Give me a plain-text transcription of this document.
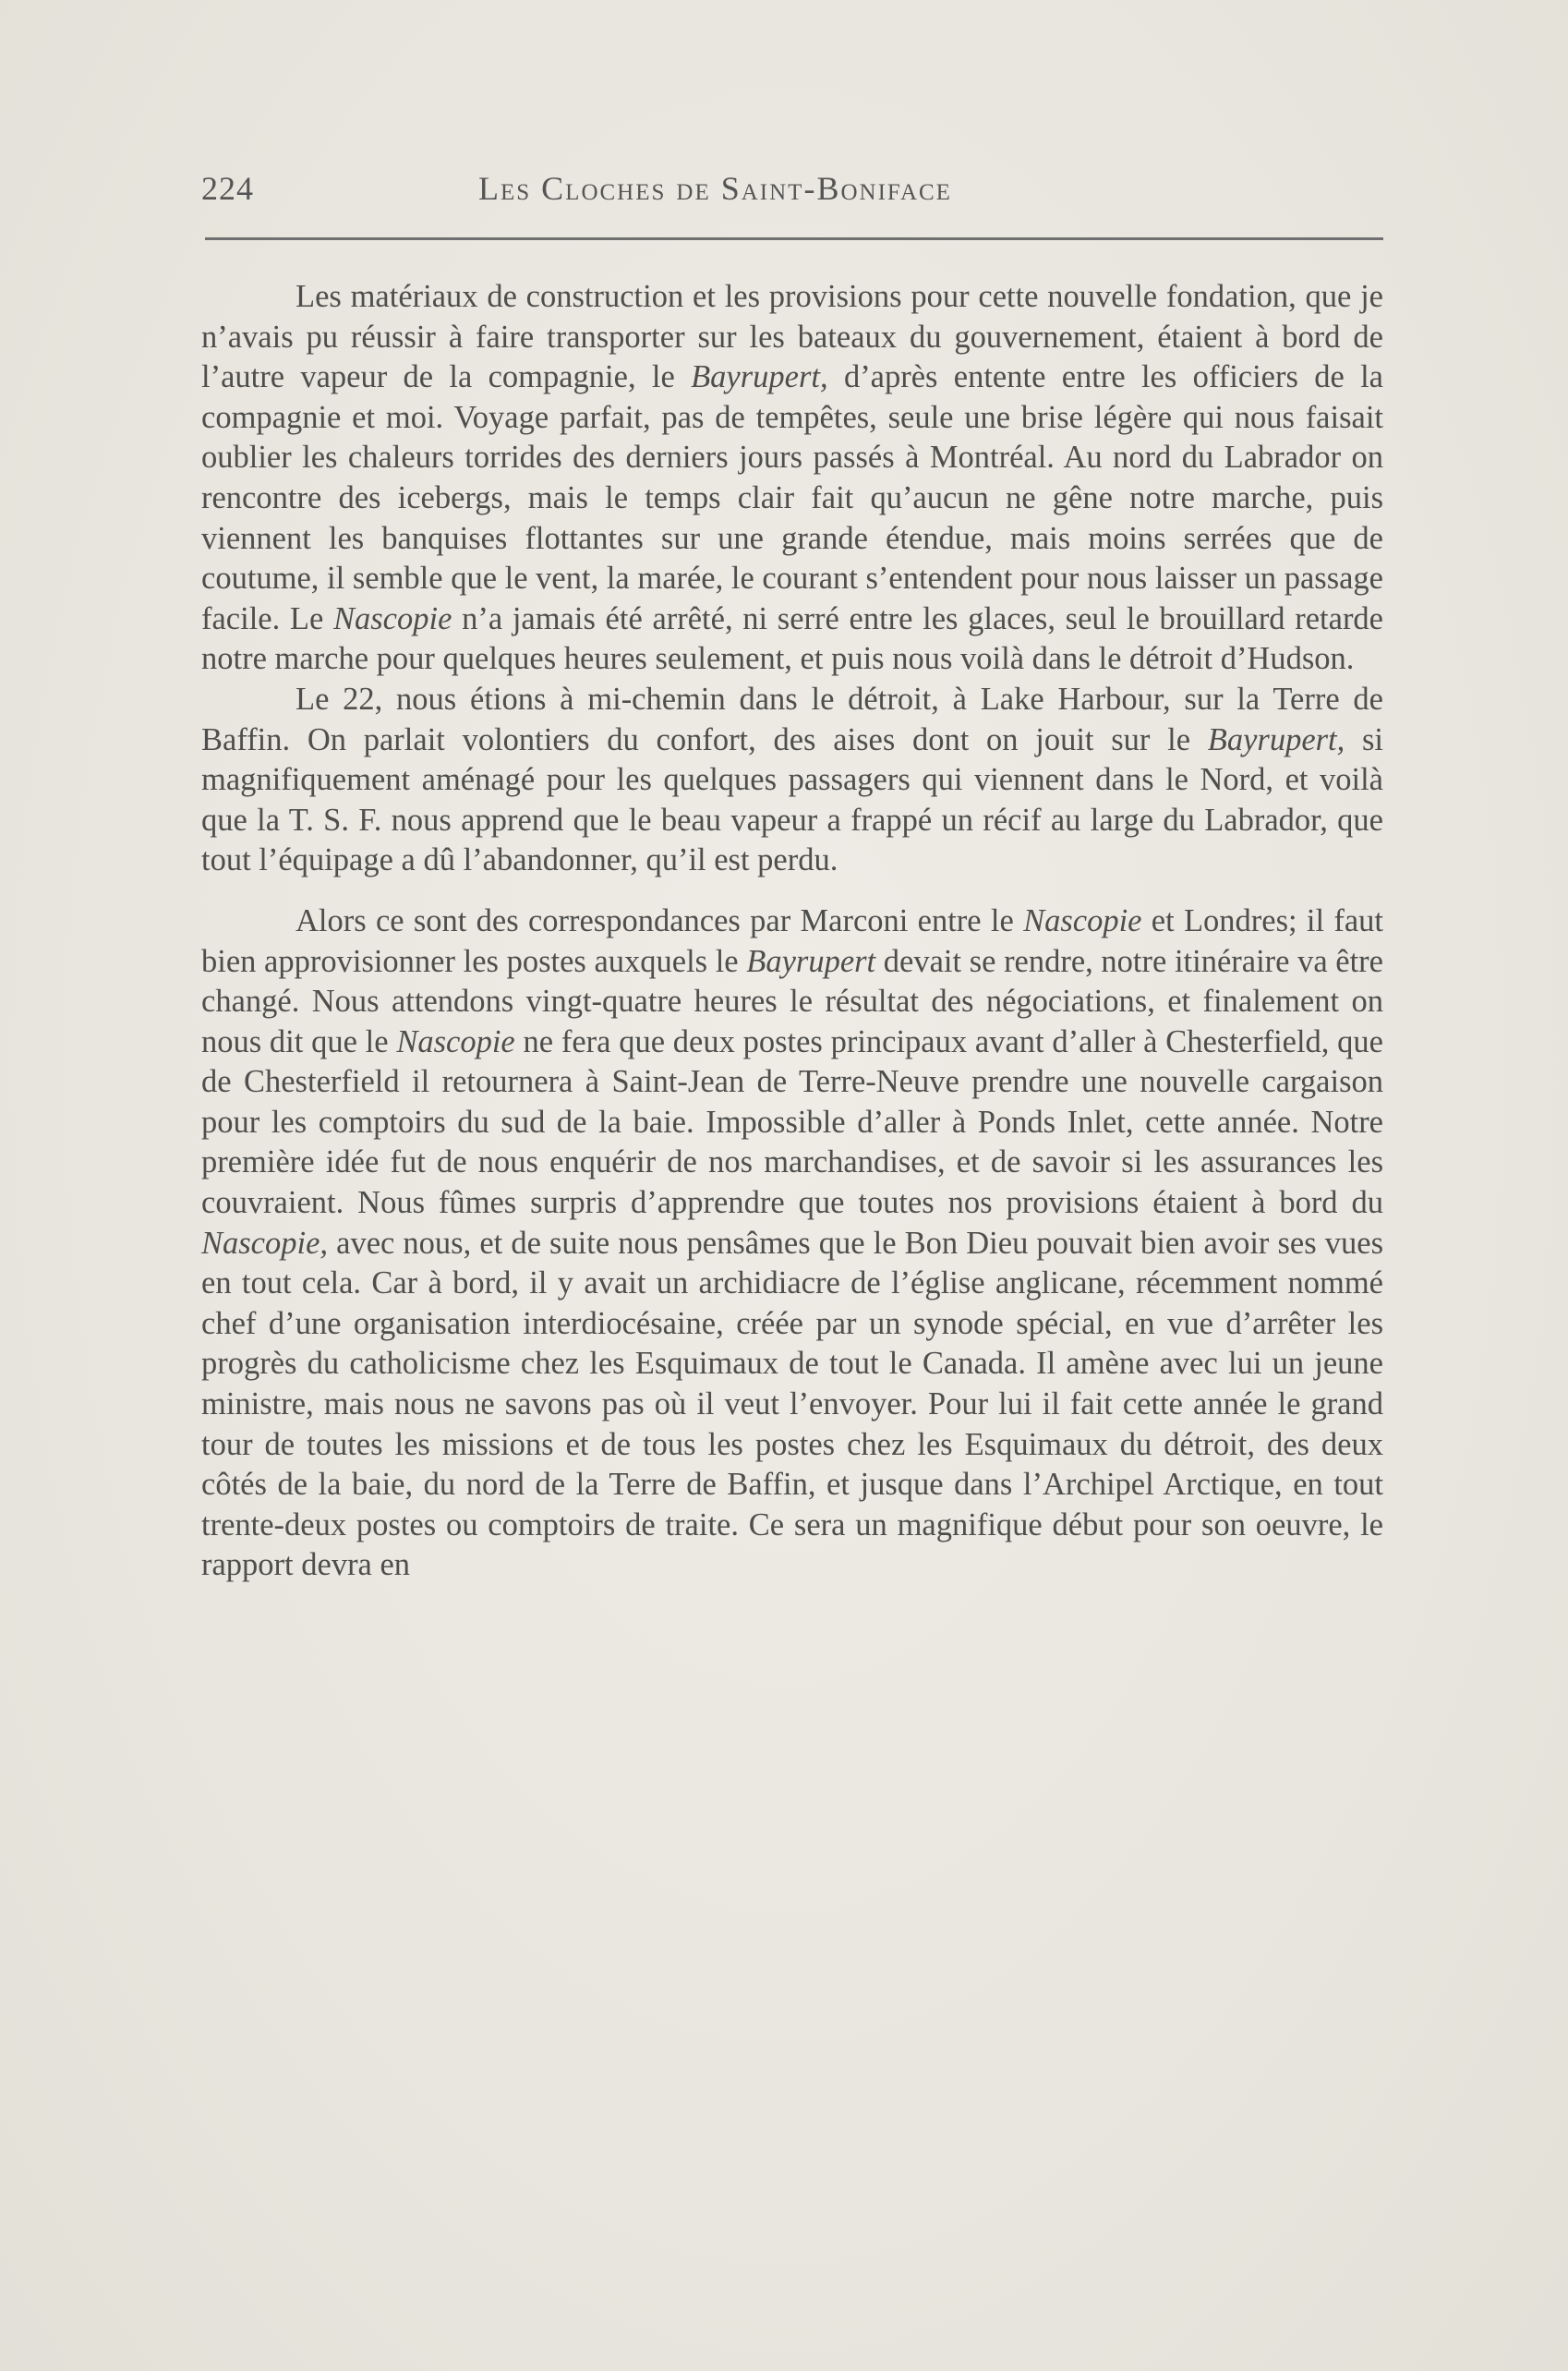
224	Les Cloches de Saint-Boniface

Les matériaux de construction et les provisions pour cette nouvelle fondation, que je n’avais pu réussir à faire transporter sur les bateaux du gouvernement, étaient à bord de l’autre vapeur de la compagnie, le Bayrupert, d’après entente entre les officiers de la compagnie et moi. Voyage parfait, pas de tempêtes, seule une brise légère qui nous faisait oublier les chaleurs torrides des derniers jours passés à Montréal. Au nord du Labrador on rencontre des icebergs, mais le temps clair fait qu’aucun ne gêne notre marche, puis viennent les banquises flottantes sur une grande étendue, mais moins serrées que de coutume, il semble que le vent, la marée, le courant s’entendent pour nous laisser un passage facile. Le Nascopie n’a jamais été arrêté, ni serré entre les glaces, seul le brouillard retarde notre marche pour quelques heures seulement, et puis nous voilà dans le détroit d’Hudson.

Le 22, nous étions à mi-chemin dans le détroit, à Lake Harbour, sur la Terre de Baffin. On parlait volontiers du confort, des aises dont on jouit sur le Bayrupert, si magnifiquement aménagé pour les quelques passagers qui viennent dans le Nord, et voilà que la T. S. F. nous apprend que le beau vapeur a frappé un récif au large du Labrador, que tout l’équipage a dû l’abandonner, qu’il est perdu.

Alors ce sont des correspondances par Marconi entre le Nascopie et Londres; il faut bien approvisionner les postes auxquels le Bayrupert devait se rendre, notre itinéraire va être changé. Nous attendons vingt-quatre heures le résultat des négociations, et finalement on nous dit que le Nascopie ne fera que deux postes principaux avant d’aller à Chesterfield, que de Chesterfield il retournera à Saint-Jean de Terre-Neuve prendre une nouvelle cargaison pour les comptoirs du sud de la baie. Impossible d’aller à Ponds Inlet, cette année. Notre première idée fut de nous enquérir de nos marchandises, et de savoir si les assurances les couvraient. Nous fûmes surpris d’apprendre que toutes nos provisions étaient à bord du Nascopie, avec nous, et de suite nous pensâmes que le Bon Dieu pouvait bien avoir ses vues en tout cela. Car à bord, il y avait un archidiacre de l’église anglicane, récemment nommé chef d’une organisation interdiocésaine, créée par un synode spécial, en vue d’arrêter les progrès du catholicisme chez les Esquimaux de tout le Canada. Il amène avec lui un jeune ministre, mais nous ne savons pas où il veut l’envoyer. Pour lui il fait cette année le grand tour de toutes les missions et de tous les postes chez les Esquimaux du détroit, des deux côtés de la baie, du nord de la Terre de Baffin, et jusque dans l’Archipel Arctique, en tout trente-deux postes ou comptoirs de traite. Ce sera un magnifique début pour son oeuvre, le rapport devra en
